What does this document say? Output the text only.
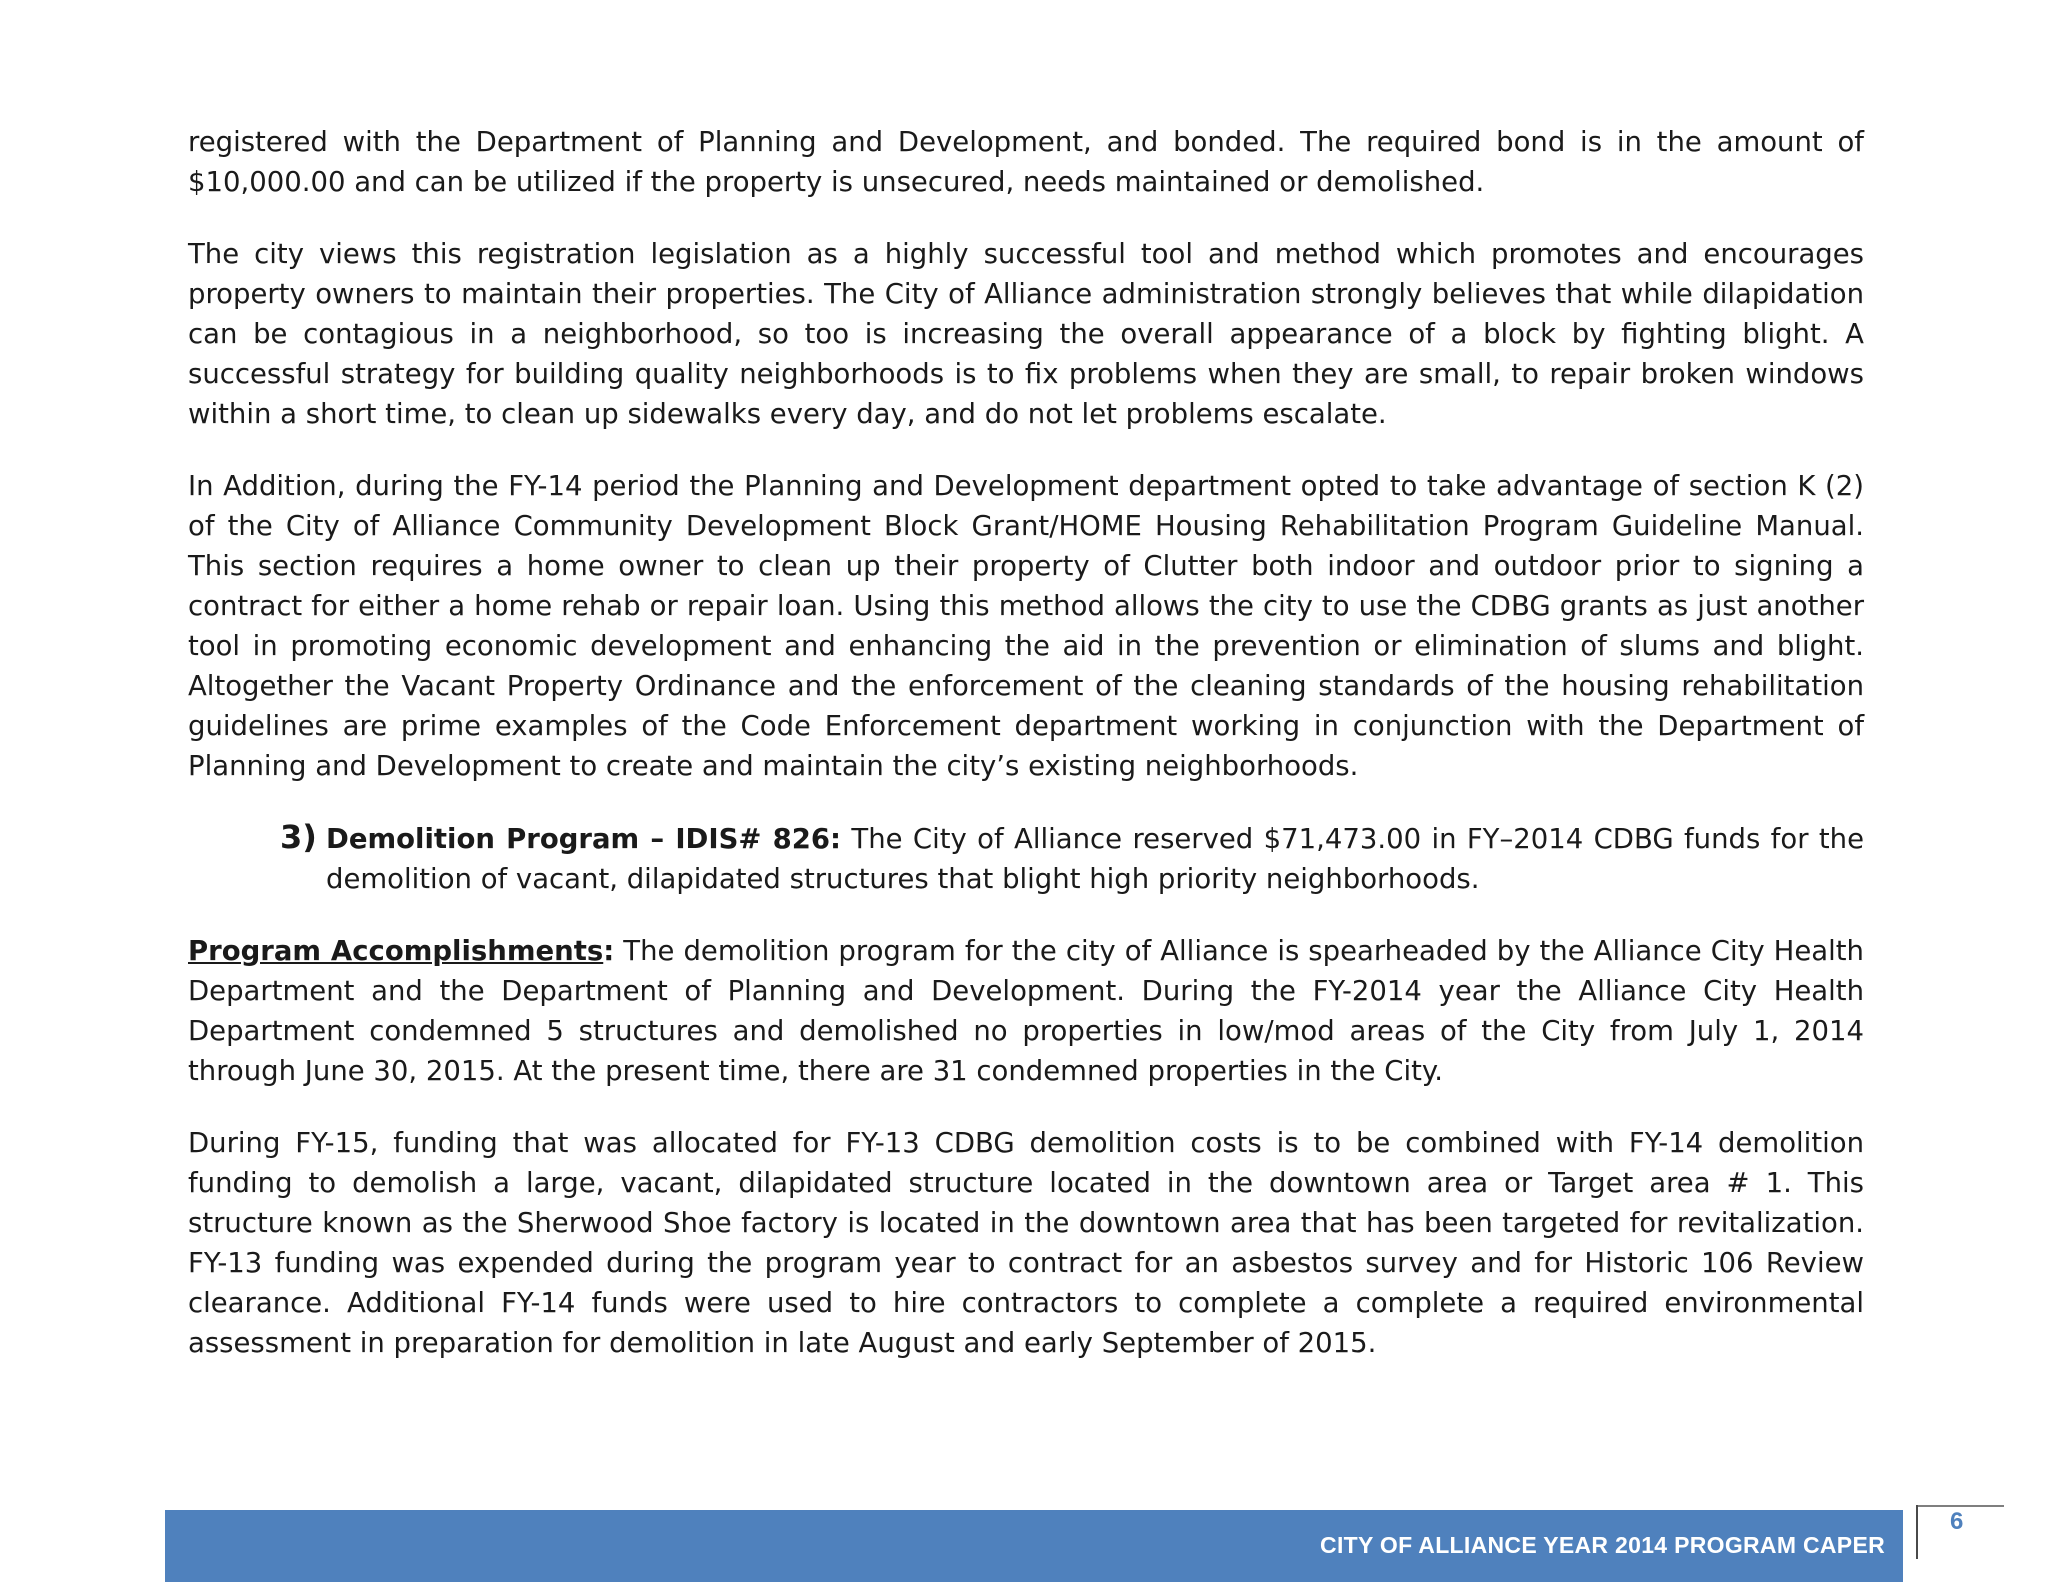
registered with the Department of Planning and Development, and bonded. The required bond is in the amount of $10,000.00 and can be utilized if the property is unsecured, needs maintained or demolished.

The city views this registration legislation as a highly successful tool and method which promotes and encourages property owners to maintain their properties. The City of Alliance administration strongly believes that while dilapidation can be contagious in a neighborhood, so too is increasing the overall appearance of a block by fighting blight. A successful strategy for building quality neighborhoods is to fix problems when they are small, to repair broken windows within a short time, to clean up sidewalks every day, and do not let problems escalate.

In Addition, during the FY-14 period the Planning and Development department opted to take advantage of section K (2) of the City of Alliance Community Development Block Grant/HOME Housing Rehabilitation Program Guideline Manual. This section requires a home owner to clean up their property of Clutter both indoor and outdoor prior to signing a contract for either a home rehab or repair loan. Using this method allows the city to use the CDBG grants as just another tool in promoting economic development and enhancing the aid in the prevention or elimination of slums and blight. Altogether the Vacant Property Ordinance and the enforcement of the cleaning standards of the housing rehabilitation guidelines are prime examples of the Code Enforcement department working in conjunction with the Department of Planning and Development to create and maintain the city’s existing neighborhoods.

3) Demolition Program – IDIS# 826: The City of Alliance reserved $71,473.00 in FY–2014 CDBG funds for the demolition of vacant, dilapidated structures that blight high priority neighborhoods.

Program Accomplishments: The demolition program for the city of Alliance is spearheaded by the Alliance City Health Department and the Department of Planning and Development. During the FY-2014 year the Alliance City Health Department condemned 5 structures and demolished no properties in low/mod areas of the City from July 1, 2014 through June 30, 2015. At the present time, there are 31 condemned properties in the City.

During FY-15, funding that was allocated for FY-13 CDBG demolition costs is to be combined with FY-14 demolition funding to demolish a large, vacant, dilapidated structure located in the downtown area or Target area # 1. This structure known as the Sherwood Shoe factory is located in the downtown area that has been targeted for revitalization. FY-13 funding was expended during the program year to contract for an asbestos survey and for Historic 106 Review clearance. Additional FY-14 funds were used to hire contractors to complete a complete a required environmental assessment in preparation for demolition in late August and early September of 2015.

CITY OF ALLIANCE YEAR 2014 PROGRAM CAPER
6
